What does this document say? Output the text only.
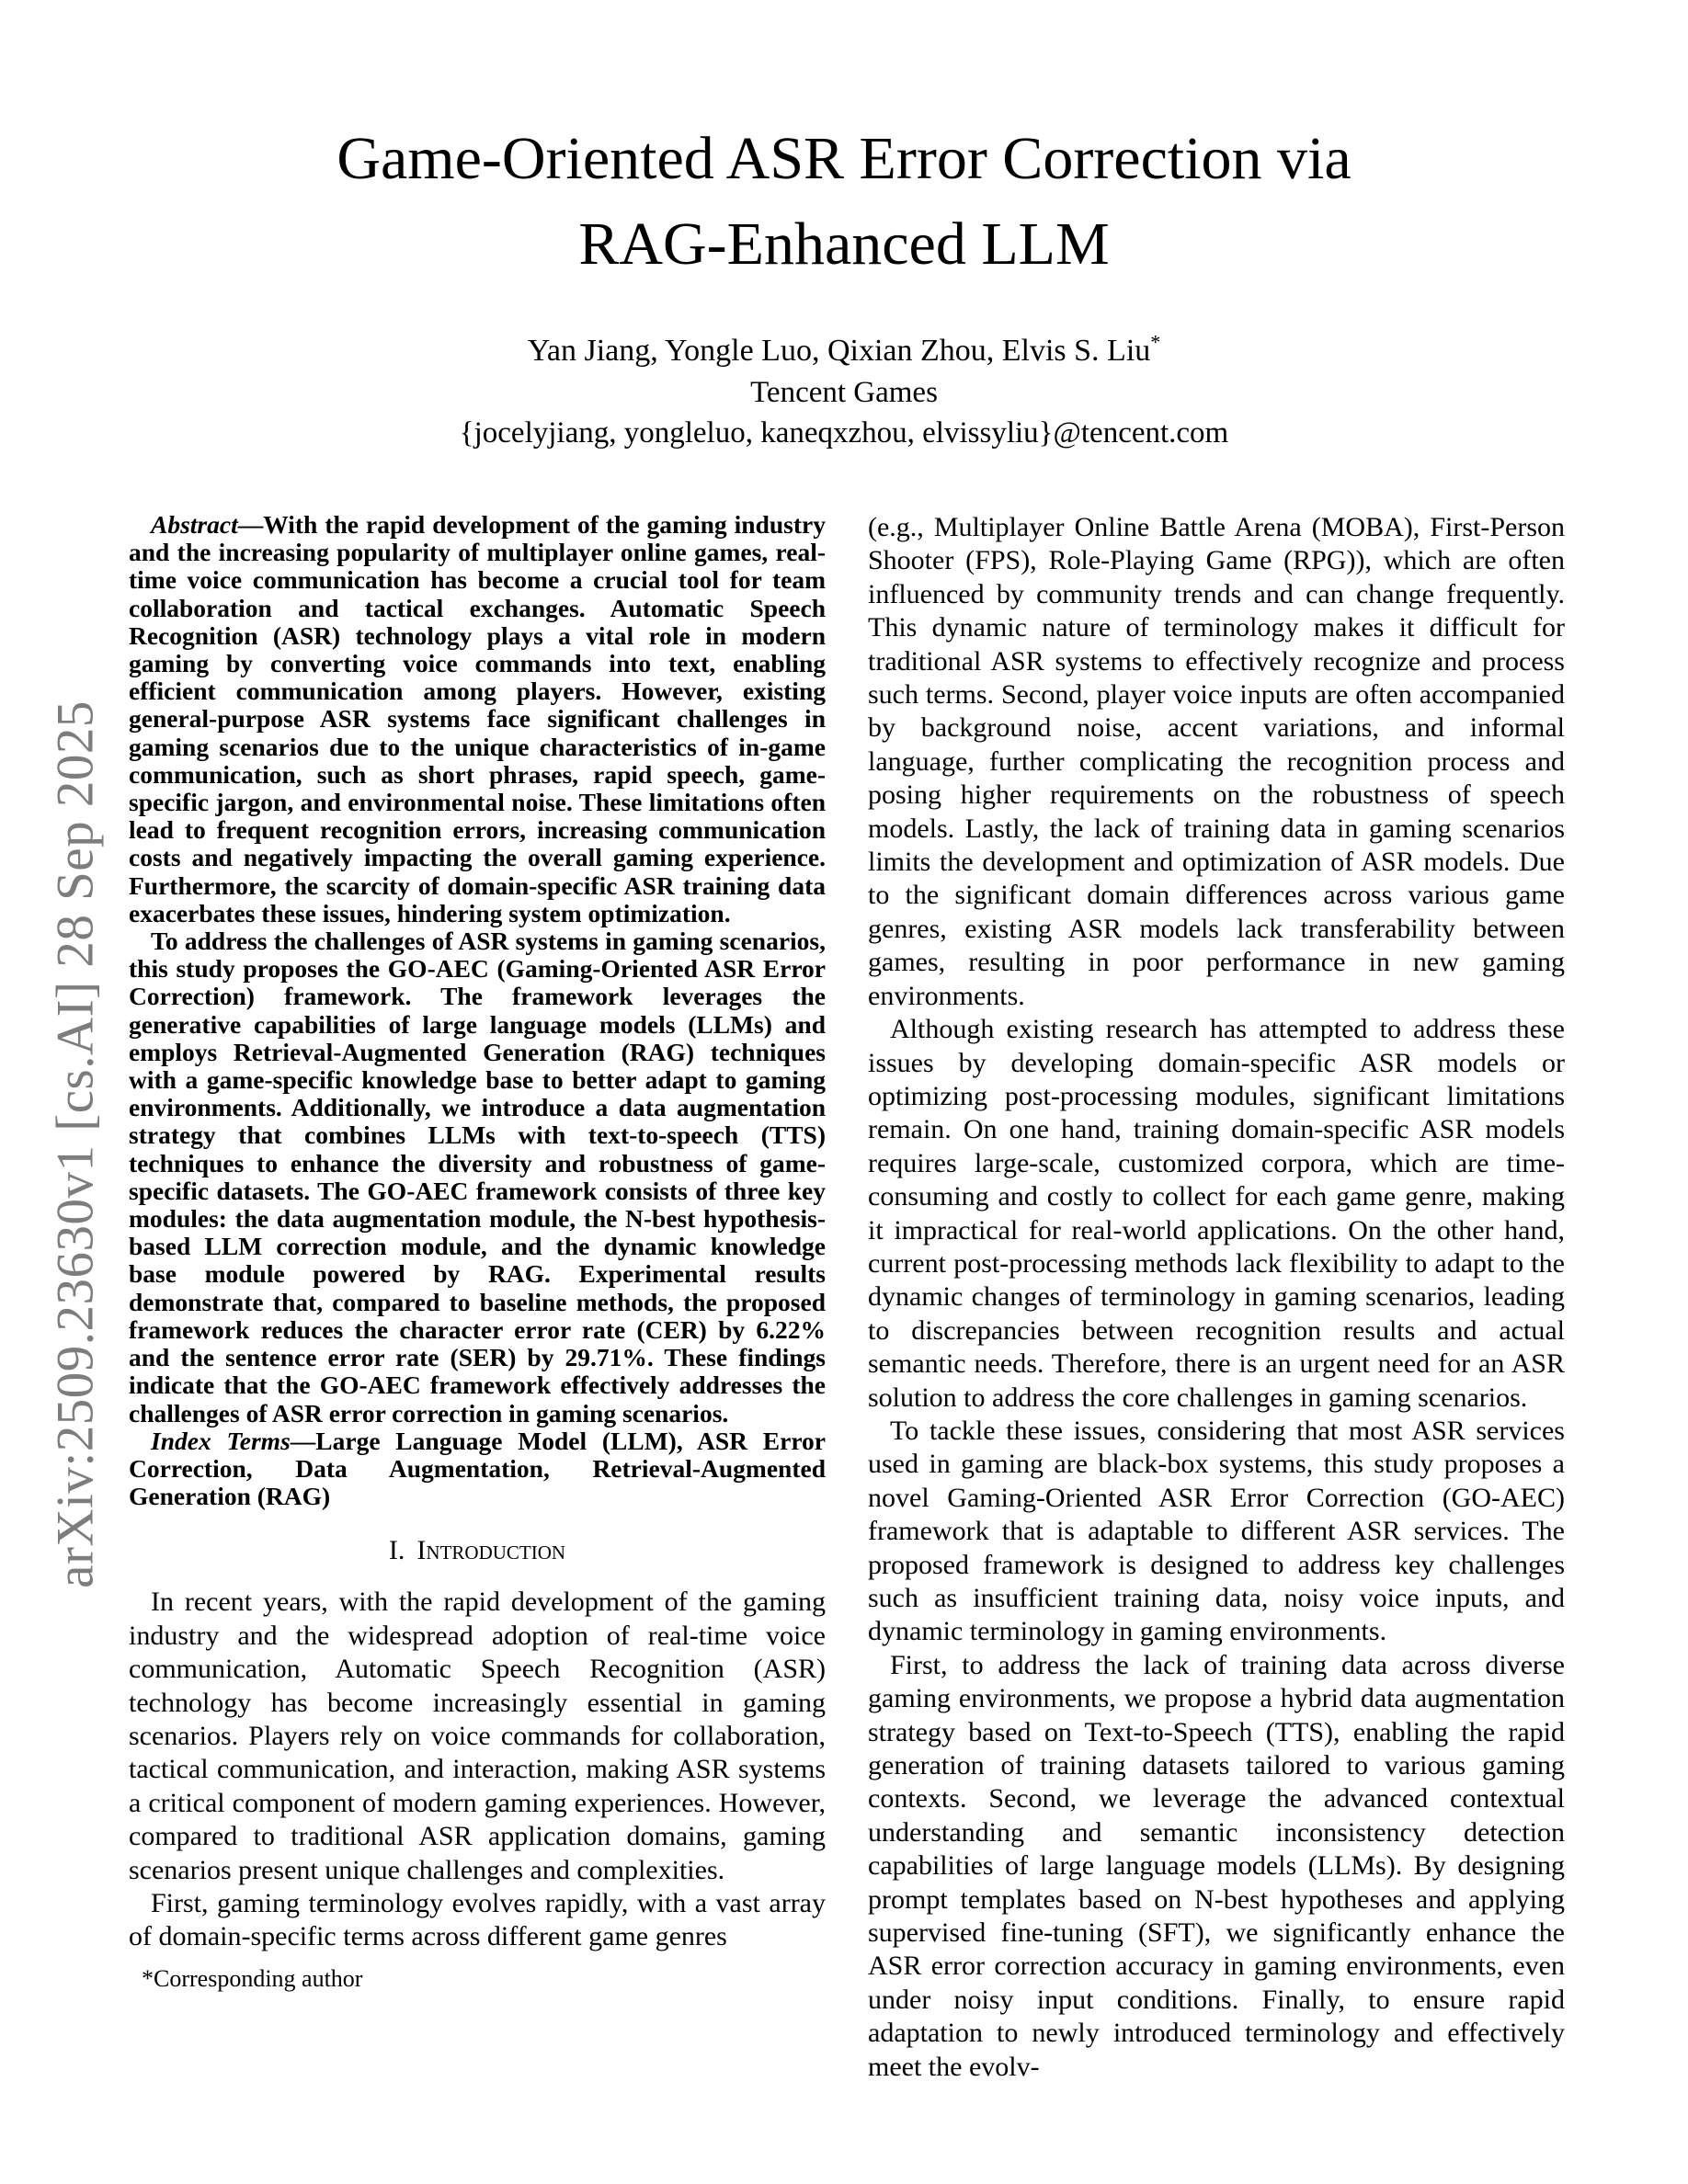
arXiv:2509.23630v1 [cs.AI] 28 Sep 2025
Game-Oriented ASR Error Correction via
RAG-Enhanced LLM
Yan Jiang, Yongle Luo, Qixian Zhou, Elvis S. Liu*
Tencent Games
{jocelyjiang, yongleluo, kaneqxzhou, elvissyliu}@tencent.com

Abstract—With the rapid development of the gaming industry and the increasing popularity of multiplayer online games, real-time voice communication has become a crucial tool for team collaboration and tactical exchanges. Automatic Speech Recognition (ASR) technology plays a vital role in modern gaming by converting voice commands into text, enabling efficient communication among players. However, existing general-purpose ASR systems face significant challenges in gaming scenarios due to the unique characteristics of in-game communication, such as short phrases, rapid speech, game-specific jargon, and environmental noise. These limitations often lead to frequent recognition errors, increasing communication costs and negatively impacting the overall gaming experience. Furthermore, the scarcity of domain-specific ASR training data exacerbates these issues, hindering system optimization.

To address the challenges of ASR systems in gaming scenarios, this study proposes the GO-AEC (Gaming-Oriented ASR Error Correction) framework. The framework leverages the generative capabilities of large language models (LLMs) and employs Retrieval-Augmented Generation (RAG) techniques with a game-specific knowledge base to better adapt to gaming environments. Additionally, we introduce a data augmentation strategy that combines LLMs with text-to-speech (TTS) techniques to enhance the diversity and robustness of game-specific datasets. The GO-AEC framework consists of three key modules: the data augmentation module, the N-best hypothesis-based LLM correction module, and the dynamic knowledge base module powered by RAG. Experimental results demonstrate that, compared to baseline methods, the proposed framework reduces the character error rate (CER) by 6.22% and the sentence error rate (SER) by 29.71%. These findings indicate that the GO-AEC framework effectively addresses the challenges of ASR error correction in gaming scenarios.

Index Terms—Large Language Model (LLM), ASR Error Correction, Data Augmentation, Retrieval-Augmented Generation (RAG)

I. Introduction

In recent years, with the rapid development of the gaming industry and the widespread adoption of real-time voice communication, Automatic Speech Recognition (ASR) technology has become increasingly essential in gaming scenarios. Players rely on voice commands for collaboration, tactical communication, and interaction, making ASR systems a critical component of modern gaming experiences. However, compared to traditional ASR application domains, gaming scenarios present unique challenges and complexities.

First, gaming terminology evolves rapidly, with a vast array of domain-specific terms across different game genres

*Corresponding author

(e.g., Multiplayer Online Battle Arena (MOBA), First-Person Shooter (FPS), Role-Playing Game (RPG)), which are often influenced by community trends and can change frequently. This dynamic nature of terminology makes it difficult for traditional ASR systems to effectively recognize and process such terms. Second, player voice inputs are often accompanied by background noise, accent variations, and informal language, further complicating the recognition process and posing higher requirements on the robustness of speech models. Lastly, the lack of training data in gaming scenarios limits the development and optimization of ASR models. Due to the significant domain differences across various game genres, existing ASR models lack transferability between games, resulting in poor performance in new gaming environments.

Although existing research has attempted to address these issues by developing domain-specific ASR models or optimizing post-processing modules, significant limitations remain. On one hand, training domain-specific ASR models requires large-scale, customized corpora, which are time-consuming and costly to collect for each game genre, making it impractical for real-world applications. On the other hand, current post-processing methods lack flexibility to adapt to the dynamic changes of terminology in gaming scenarios, leading to discrepancies between recognition results and actual semantic needs. Therefore, there is an urgent need for an ASR solution to address the core challenges in gaming scenarios.

To tackle these issues, considering that most ASR services used in gaming are black-box systems, this study proposes a novel Gaming-Oriented ASR Error Correction (GO-AEC) framework that is adaptable to different ASR services. The proposed framework is designed to address key challenges such as insufficient training data, noisy voice inputs, and dynamic terminology in gaming environments.

First, to address the lack of training data across diverse gaming environments, we propose a hybrid data augmentation strategy based on Text-to-Speech (TTS), enabling the rapid generation of training datasets tailored to various gaming contexts. Second, we leverage the advanced contextual understanding and semantic inconsistency detection capabilities of large language models (LLMs). By designing prompt templates based on N-best hypotheses and applying supervised fine-tuning (SFT), we significantly enhance the ASR error correction accuracy in gaming environments, even under noisy input conditions. Finally, to ensure rapid adaptation to newly introduced terminology and effectively meet the evolv-
